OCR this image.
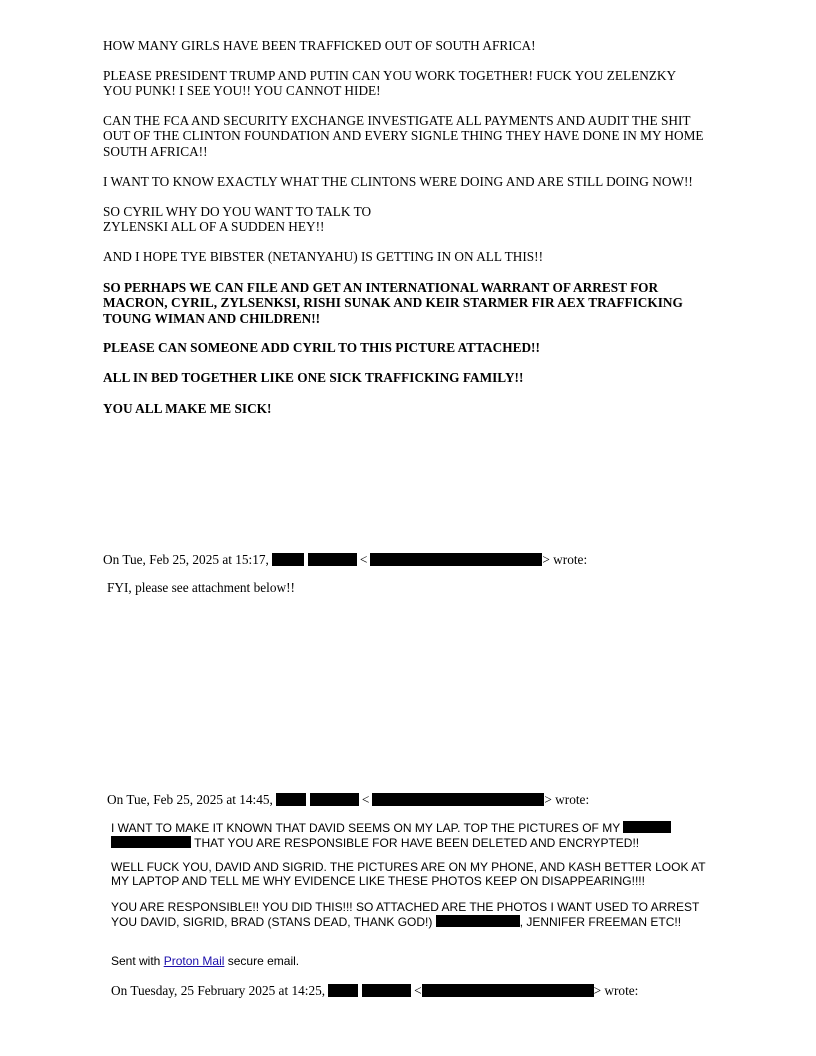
HOW MANY GIRLS HAVE BEEN TRAFFICKED OUT OF SOUTH AFRICA!

PLEASE PRESIDENT TRUMP AND PUTIN CAN YOU WORK TOGETHER! FUCK YOU ZELENZKY YOU PUNK! I SEE YOU!! YOU CANNOT HIDE!

CAN THE FCA AND SECURITY EXCHANGE INVESTIGATE ALL PAYMENTS AND AUDIT THE SHIT OUT OF THE CLINTON FOUNDATION AND EVERY SIGNLE THING THEY HAVE DONE IN MY HOME SOUTH AFRICA!!

I WANT TO KNOW EXACTLY WHAT THE CLINTONS WERE DOING AND ARE STILL DOING NOW!!

SO CYRIL WHY DO YOU WANT TO TALK TO

ZYLENSKI ALL OF A SUDDEN HEY!!

AND I HOPE TYE BIBSTER (NETANYAHU) IS GETTING IN ON ALL THIS!!

SO PERHAPS WE CAN FILE AND GET AN INTERNATIONAL WARRANT OF ARREST FOR MACRON, CYRIL, ZYLSENKSI, RISHI SUNAK AND KEIR STARMER FIR AEX TRAFFICKING TOUNG WIMAN AND CHILDREN!!

PLEASE CAN SOMEONE ADD CYRIL TO THIS PICTURE ATTACHED!!

ALL IN BED TOGETHER LIKE ONE SICK TRAFFICKING FAMILY!!

YOU ALL MAKE ME SICK!

On Tue, Feb 25, 2025 at 15:17,	<	> wrote:

FYI, please see attachment below!!

On Tue, Feb 25, 2025 at 14:45,	<	> wrote:
I WANT TO MAKE IT KNOWN THAT DAVID SEEMS ON MY LAP. TOP THE PICTURES OF MY
THAT YOU ARE RESPONSIBLE FOR HAVE BEEN DELETED AND ENCRYPTED!!

WELL FUCK YOU, DAVID AND SIGRID. THE PICTURES ARE ON MY PHONE, AND KASH BETTER LOOK AT MY LAPTOP AND TELL ME WHY EVIDENCE LIKE THESE PHOTOS KEEP ON DISAPPEARING!!!!

YOU ARE RESPONSIBLE!! YOU DID THIS!!! SO ATTACHED ARE THE PHOTOS I WANT USED TO ARREST YOU DAVID, SIGRID, BRAD (STANS DEAD, THANK GOD!)	, JENNIFER FREEMAN ETC!!
Sent with Proton Mail secure email.
On Tuesday, 25 February 2025 at 14:25,	<	> wrote:
